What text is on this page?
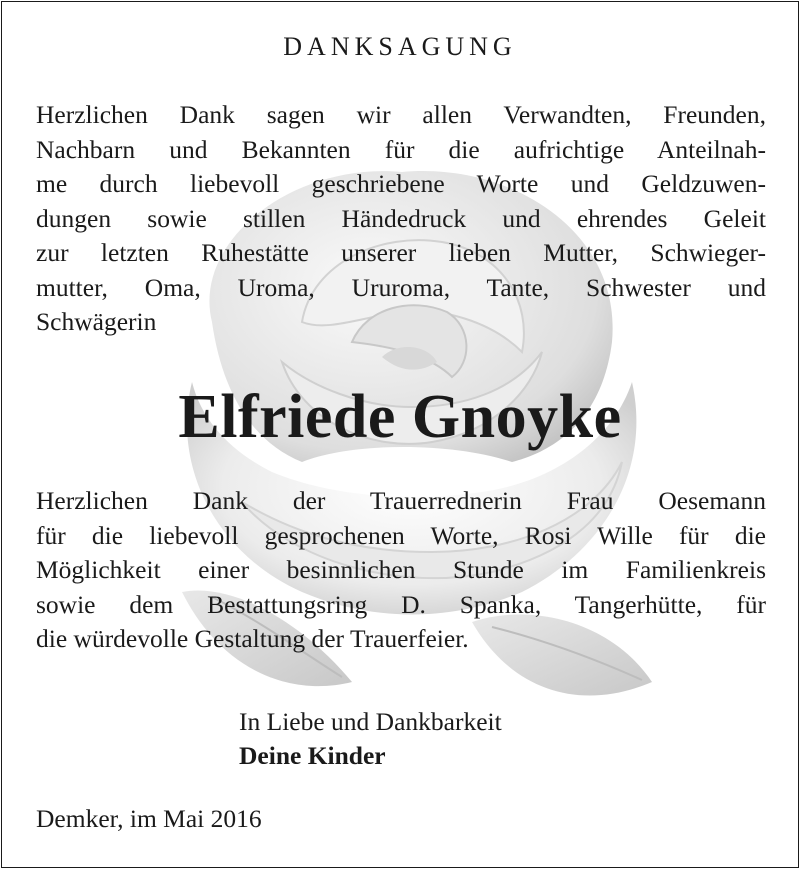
DANKSAGUNG
Herzlichen Dank sagen wir allen Verwandten, Freunden,
Nachbarn und Bekannten für die aufrichtige Anteilnah-
me durch liebevoll geschriebene Worte und Geldzuwen-
dungen sowie stillen Händedruck und ehrendes Geleit
zur letzten Ruhestätte unserer lieben Mutter, Schwieger-
mutter, Oma, Uroma, Ururoma, Tante, Schwester und
Schwägerin
Elfriede Gnoyke
Herzlichen Dank der Trauerrednerin Frau Oesemann
für die liebevoll gesprochenen Worte, Rosi Wille für die
Möglichkeit einer besinnlichen Stunde im Familienkreis
sowie dem Bestattungsring D. Spanka, Tangerhütte, für
die würdevolle Gestaltung der Trauerfeier.
In Liebe und Dankbarkeit
Deine Kinder
Demker, im Mai 2016
